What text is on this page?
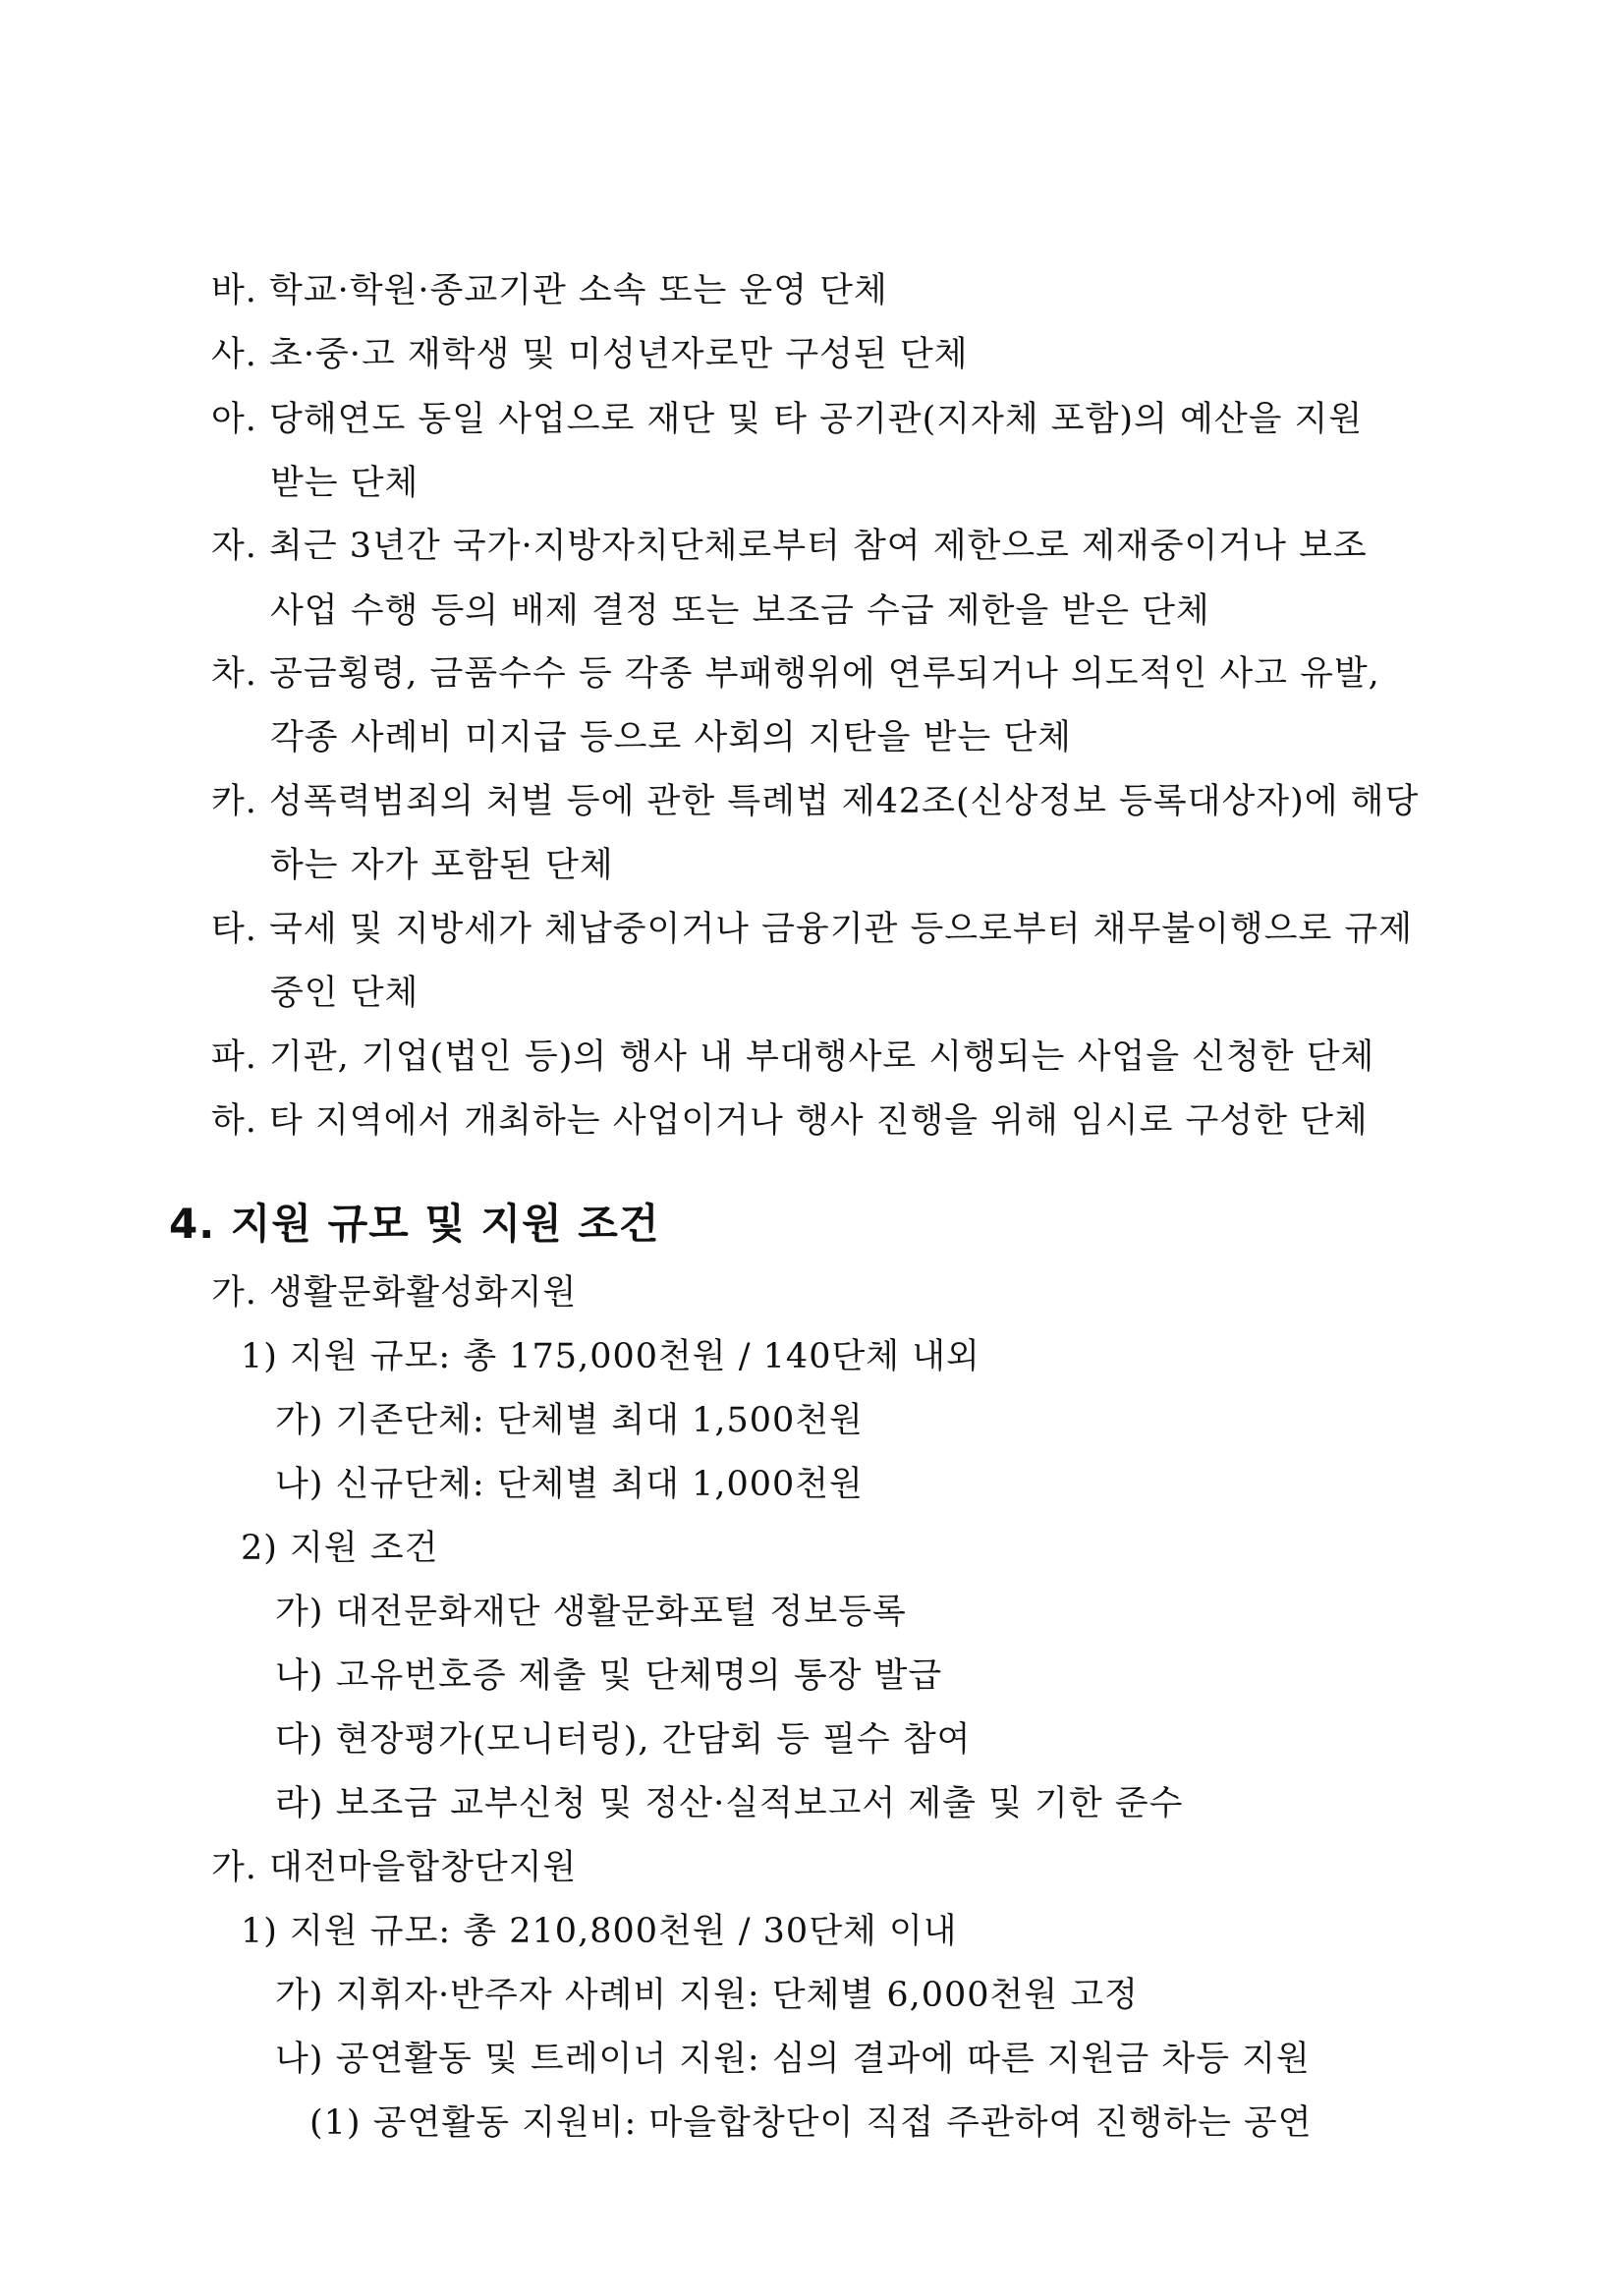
바. 학교·학원·종교기관 소속 또는 운영 단체
사. 초·중·고 재학생 및 미성년자로만 구성된 단체
아. 당해연도 동일 사업으로 재단 및 타 공기관(지자체 포함)의 예산을 지원
받는 단체
자. 최근 3년간 국가·지방자치단체로부터 참여 제한으로 제재중이거나 보조
사업 수행 등의 배제 결정 또는 보조금 수급 제한을 받은 단체
차. 공금횡령, 금품수수 등 각종 부패행위에 연루되거나 의도적인 사고 유발,
각종 사례비 미지급 등으로 사회의 지탄을 받는 단체
카. 성폭력범죄의 처벌 등에 관한 특례법 제42조(신상정보 등록대상자)에 해당
하는 자가 포함된 단체
타. 국세 및 지방세가 체납중이거나 금융기관 등으로부터 채무불이행으로 규제
중인 단체
파. 기관, 기업(법인 등)의 행사 내 부대행사로 시행되는 사업을 신청한 단체
하. 타 지역에서 개최하는 사업이거나 행사 진행을 위해 임시로 구성한 단체
4. 지원 규모 및 지원 조건
가. 생활문화활성화지원
1) 지원 규모: 총 175,000천원 / 140단체 내외
가) 기존단체: 단체별 최대 1,500천원
나) 신규단체: 단체별 최대 1,000천원
2) 지원 조건
가) 대전문화재단 생활문화포털 정보등록
나) 고유번호증 제출 및 단체명의 통장 발급
다) 현장평가(모니터링), 간담회 등 필수 참여
라) 보조금 교부신청 및 정산·실적보고서 제출 및 기한 준수
가. 대전마을합창단지원
1) 지원 규모: 총 210,800천원 / 30단체 이내
가) 지휘자·반주자 사례비 지원: 단체별 6,000천원 고정
나) 공연활동 및 트레이너 지원: 심의 결과에 따른 지원금 차등 지원
(1) 공연활동 지원비: 마을합창단이 직접 주관하여 진행하는 공연
